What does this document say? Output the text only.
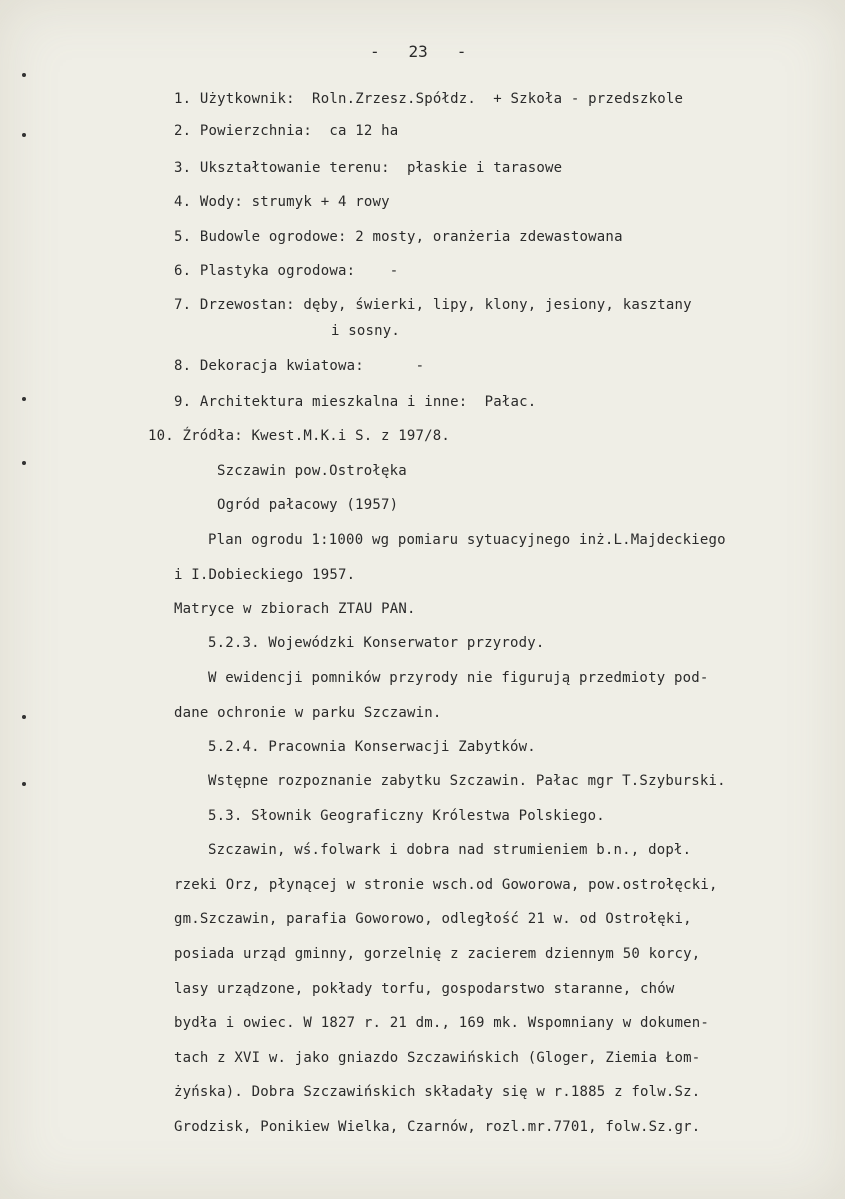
-   23   -
1. Użytkownik:  Roln.Zrzesz.Spółdz.  + Szkoła - przedszkole
2. Powierzchnia:  ca 12 ha
3. Ukształtowanie terenu:  płaskie i tarasowe
4. Wody: strumyk + 4 rowy
5. Budowle ogrodowe: 2 mosty, oranżeria zdewastowana
6. Plastyka ogrodowa:    -
7. Drzewostan: dęby, świerki, lipy, klony, jesiony, kasztany
i sosny.
8. Dekoracja kwiatowa:      -
9. Architektura mieszkalna i inne:  Pałac.
10. Źródła: Kwest.M.K.i S. z 197/8.
Szczawin pow.Ostrołęka
Ogród pałacowy (1957)
Plan ogrodu 1:1000 wg pomiaru sytuacyjnego inż.L.Majdeckiego
i I.Dobieckiego 1957.
Matryce w zbiorach ZTAU PAN.
5.2.3. Wojewódzki Konserwator przyrody.
W ewidencji pomników przyrody nie figurują przedmioty pod-
dane ochronie w parku Szczawin.
5.2.4. Pracownia Konserwacji Zabytków.
Wstępne rozpoznanie zabytku Szczawin. Pałac mgr T.Szyburski.
5.3. Słownik Geograficzny Królestwa Polskiego.
Szczawin, wś.folwark i dobra nad strumieniem b.n., dopł.
rzeki Orz, płynącej w stronie wsch.od Goworowa, pow.ostrołęcki,
gm.Szczawin, parafia Goworowo, odległość 21 w. od Ostrołęki,
posiada urząd gminny, gorzelnię z zacierem dziennym 50 korcy,
lasy urządzone, pokłady torfu, gospodarstwo staranne, chów
bydła i owiec. W 1827 r. 21 dm., 169 mk. Wspomniany w dokumen-
tach z XVI w. jako gniazdo Szczawińskich (Gloger, Ziemia Łom-
żyńska). Dobra Szczawińskich składały się w r.1885 z folw.Sz.
Grodzisk, Ponikiew Wielka, Czarnów, rozl.mr.7701, folw.Sz.gr.
